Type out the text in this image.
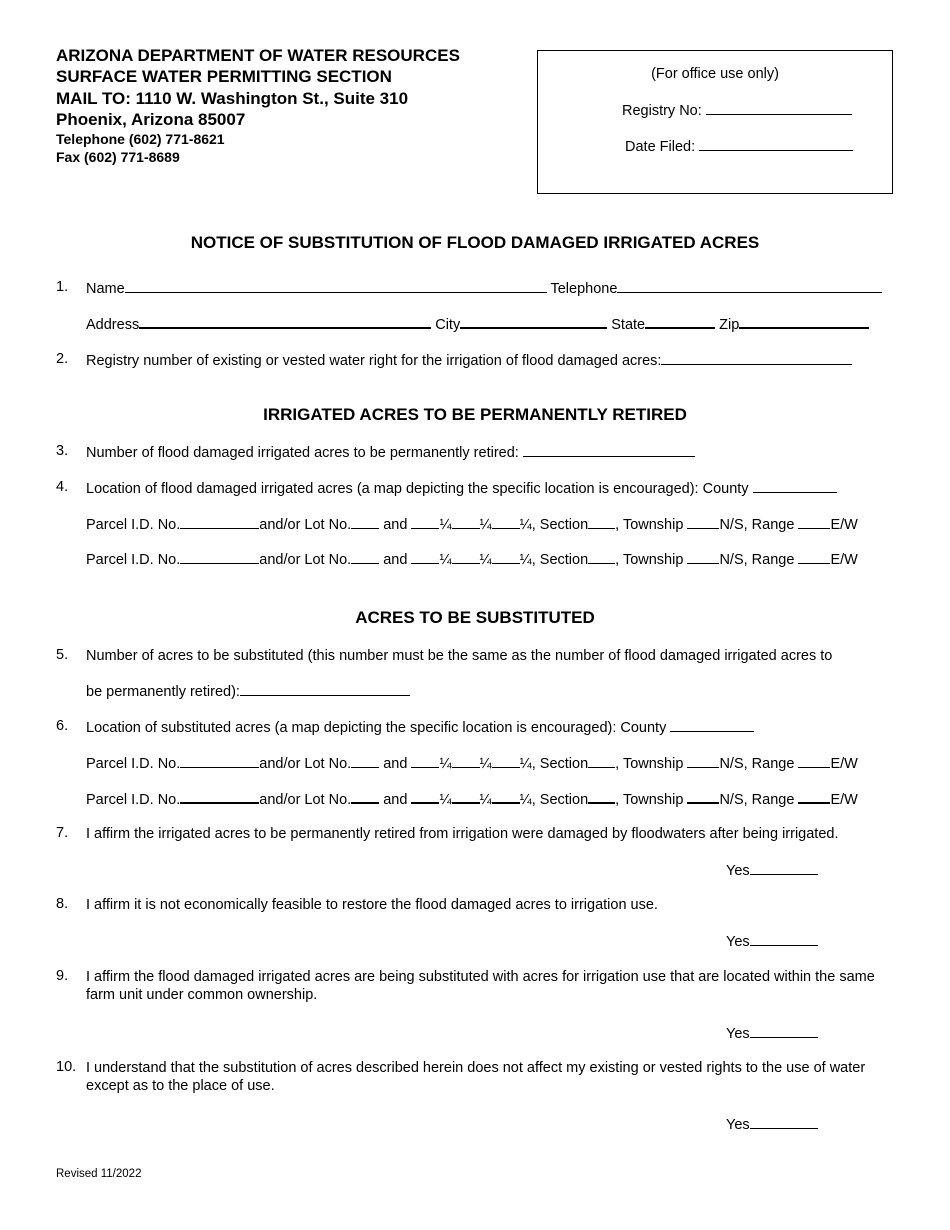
ARIZONA DEPARTMENT OF WATER RESOURCES
SURFACE WATER PERMITTING SECTION
MAIL TO: 1110 W. Washington St., Suite 310
Phoenix, Arizona 85007
Telephone (602) 771-8621
Fax (602) 771-8689
(For office use only)
Registry No:
Date Filed:
NOTICE OF SUBSTITUTION OF FLOOD DAMAGED IRRIGATED ACRES
1. Name	Telephone
Address	City	State	Zip
2. Registry number of existing or vested water right for the irrigation of flood damaged acres:
IRRIGATED ACRES TO BE PERMANENTLY RETIRED
3. Number of flood damaged irrigated acres to be permanently retired:
4. Location of flood damaged irrigated acres (a map depicting the specific location is encouraged): County
Parcel I.D. No.	and/or Lot No. and ¼ ¼ ¼, Section , Township N/S, Range E/W
Parcel I.D. No.	and/or Lot No. and ¼ ¼ ¼, Section , Township N/S, Range E/W
ACRES TO BE SUBSTITUTED
5. Number of acres to be substituted (this number must be the same as the number of flood damaged irrigated acres to
be permanently retired):
6. Location of substituted acres (a map depicting the specific location is encouraged): County
Parcel I.D. No.	and/or Lot No. and ¼ ¼ ¼, Section , Township N/S, Range E/W
Parcel I.D. No.	and/or Lot No. and ¼ ¼ ¼, Section , Township N/S, Range E/W
7. I affirm the irrigated acres to be permanently retired from irrigation were damaged by floodwaters after being irrigated.
Yes
8. I affirm it is not economically feasible to restore the flood damaged acres to irrigation use.
Yes
9. I affirm the flood damaged irrigated acres are being substituted with acres for irrigation use that are located within the same farm unit under common ownership.
Yes
10. I understand that the substitution of acres described herein does not affect my existing or vested rights to the use of water except as to the place of use.
Yes
Revised 11/2022
